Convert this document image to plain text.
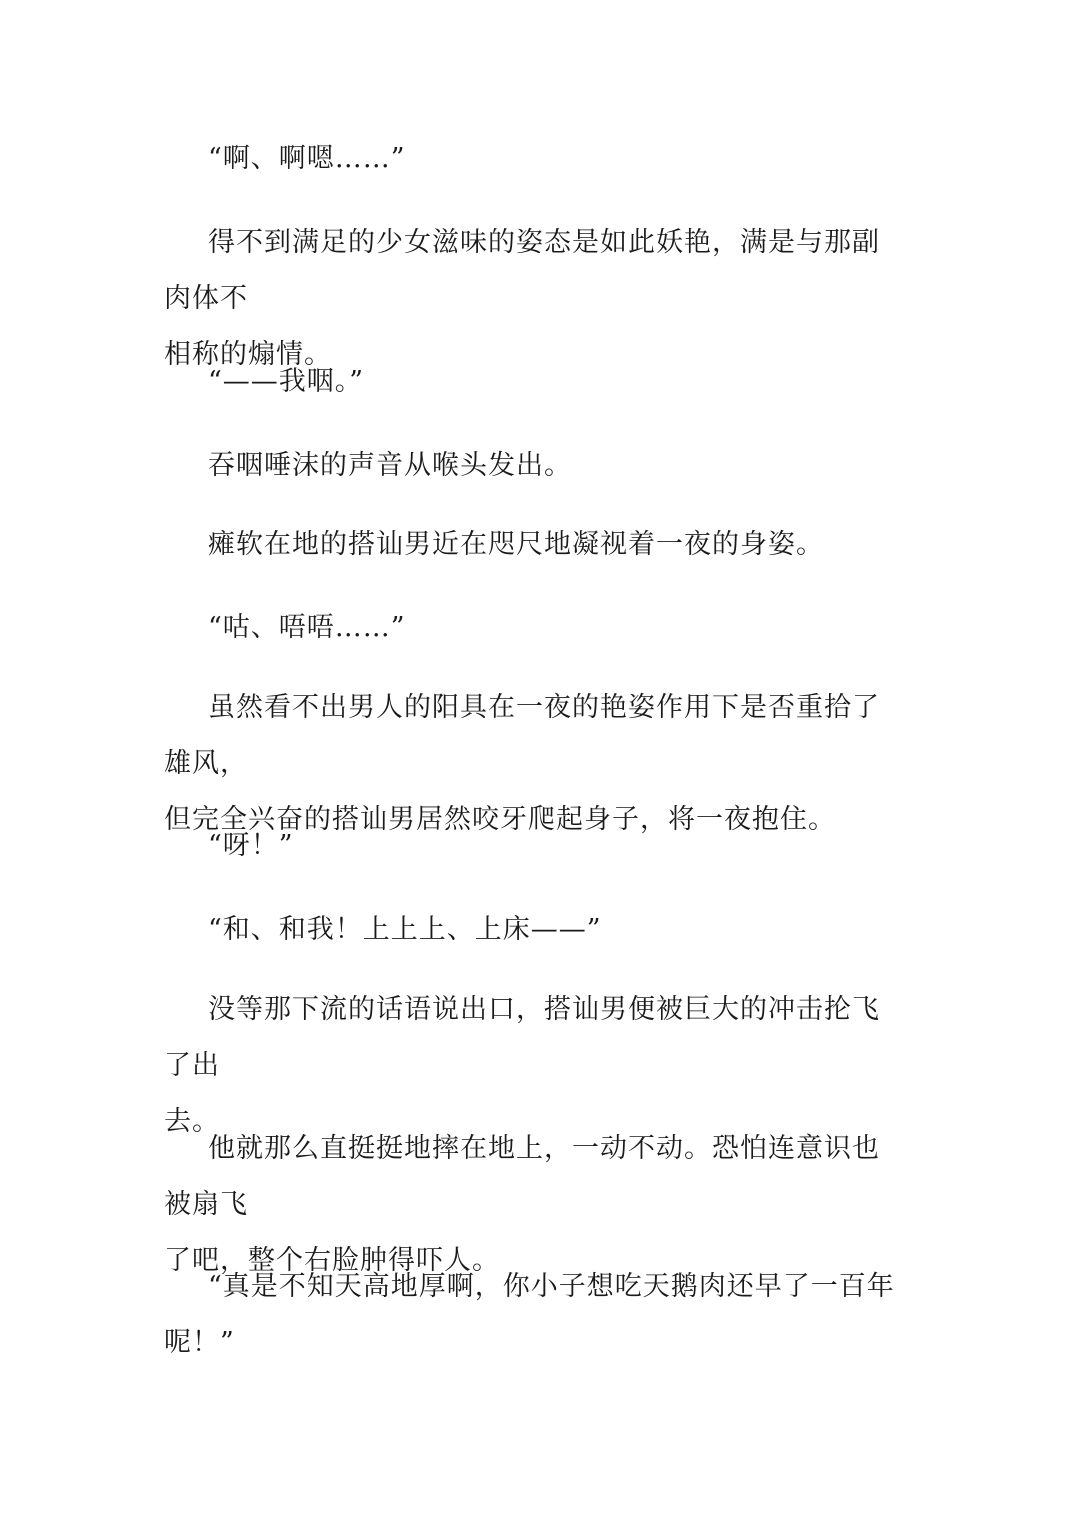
“啊、啊嗯……”

得不到满足的少女滋味的姿态是如此妖艳，满是与那副肉体不
相称的煽情。

“——我咽。”

吞咽唾沫的声音从喉头发出。

瘫软在地的搭讪男近在咫尺地凝视着一夜的身姿。

“咕、唔唔……”

虽然看不出男人的阳具在一夜的艳姿作用下是否重拾了雄风，
但完全兴奋的搭讪男居然咬牙爬起身子，将一夜抱住。

“呀！”

“和、和我！上上上、上床——”

没等那下流的话语说出口，搭讪男便被巨大的冲击抡飞了出
去。

他就那么直挺挺地摔在地上，一动不动。恐怕连意识也被扇飞
了吧，整个右脸肿得吓人。

“真是不知天高地厚啊，你小子想吃天鹅肉还早了一百年
呢！”
